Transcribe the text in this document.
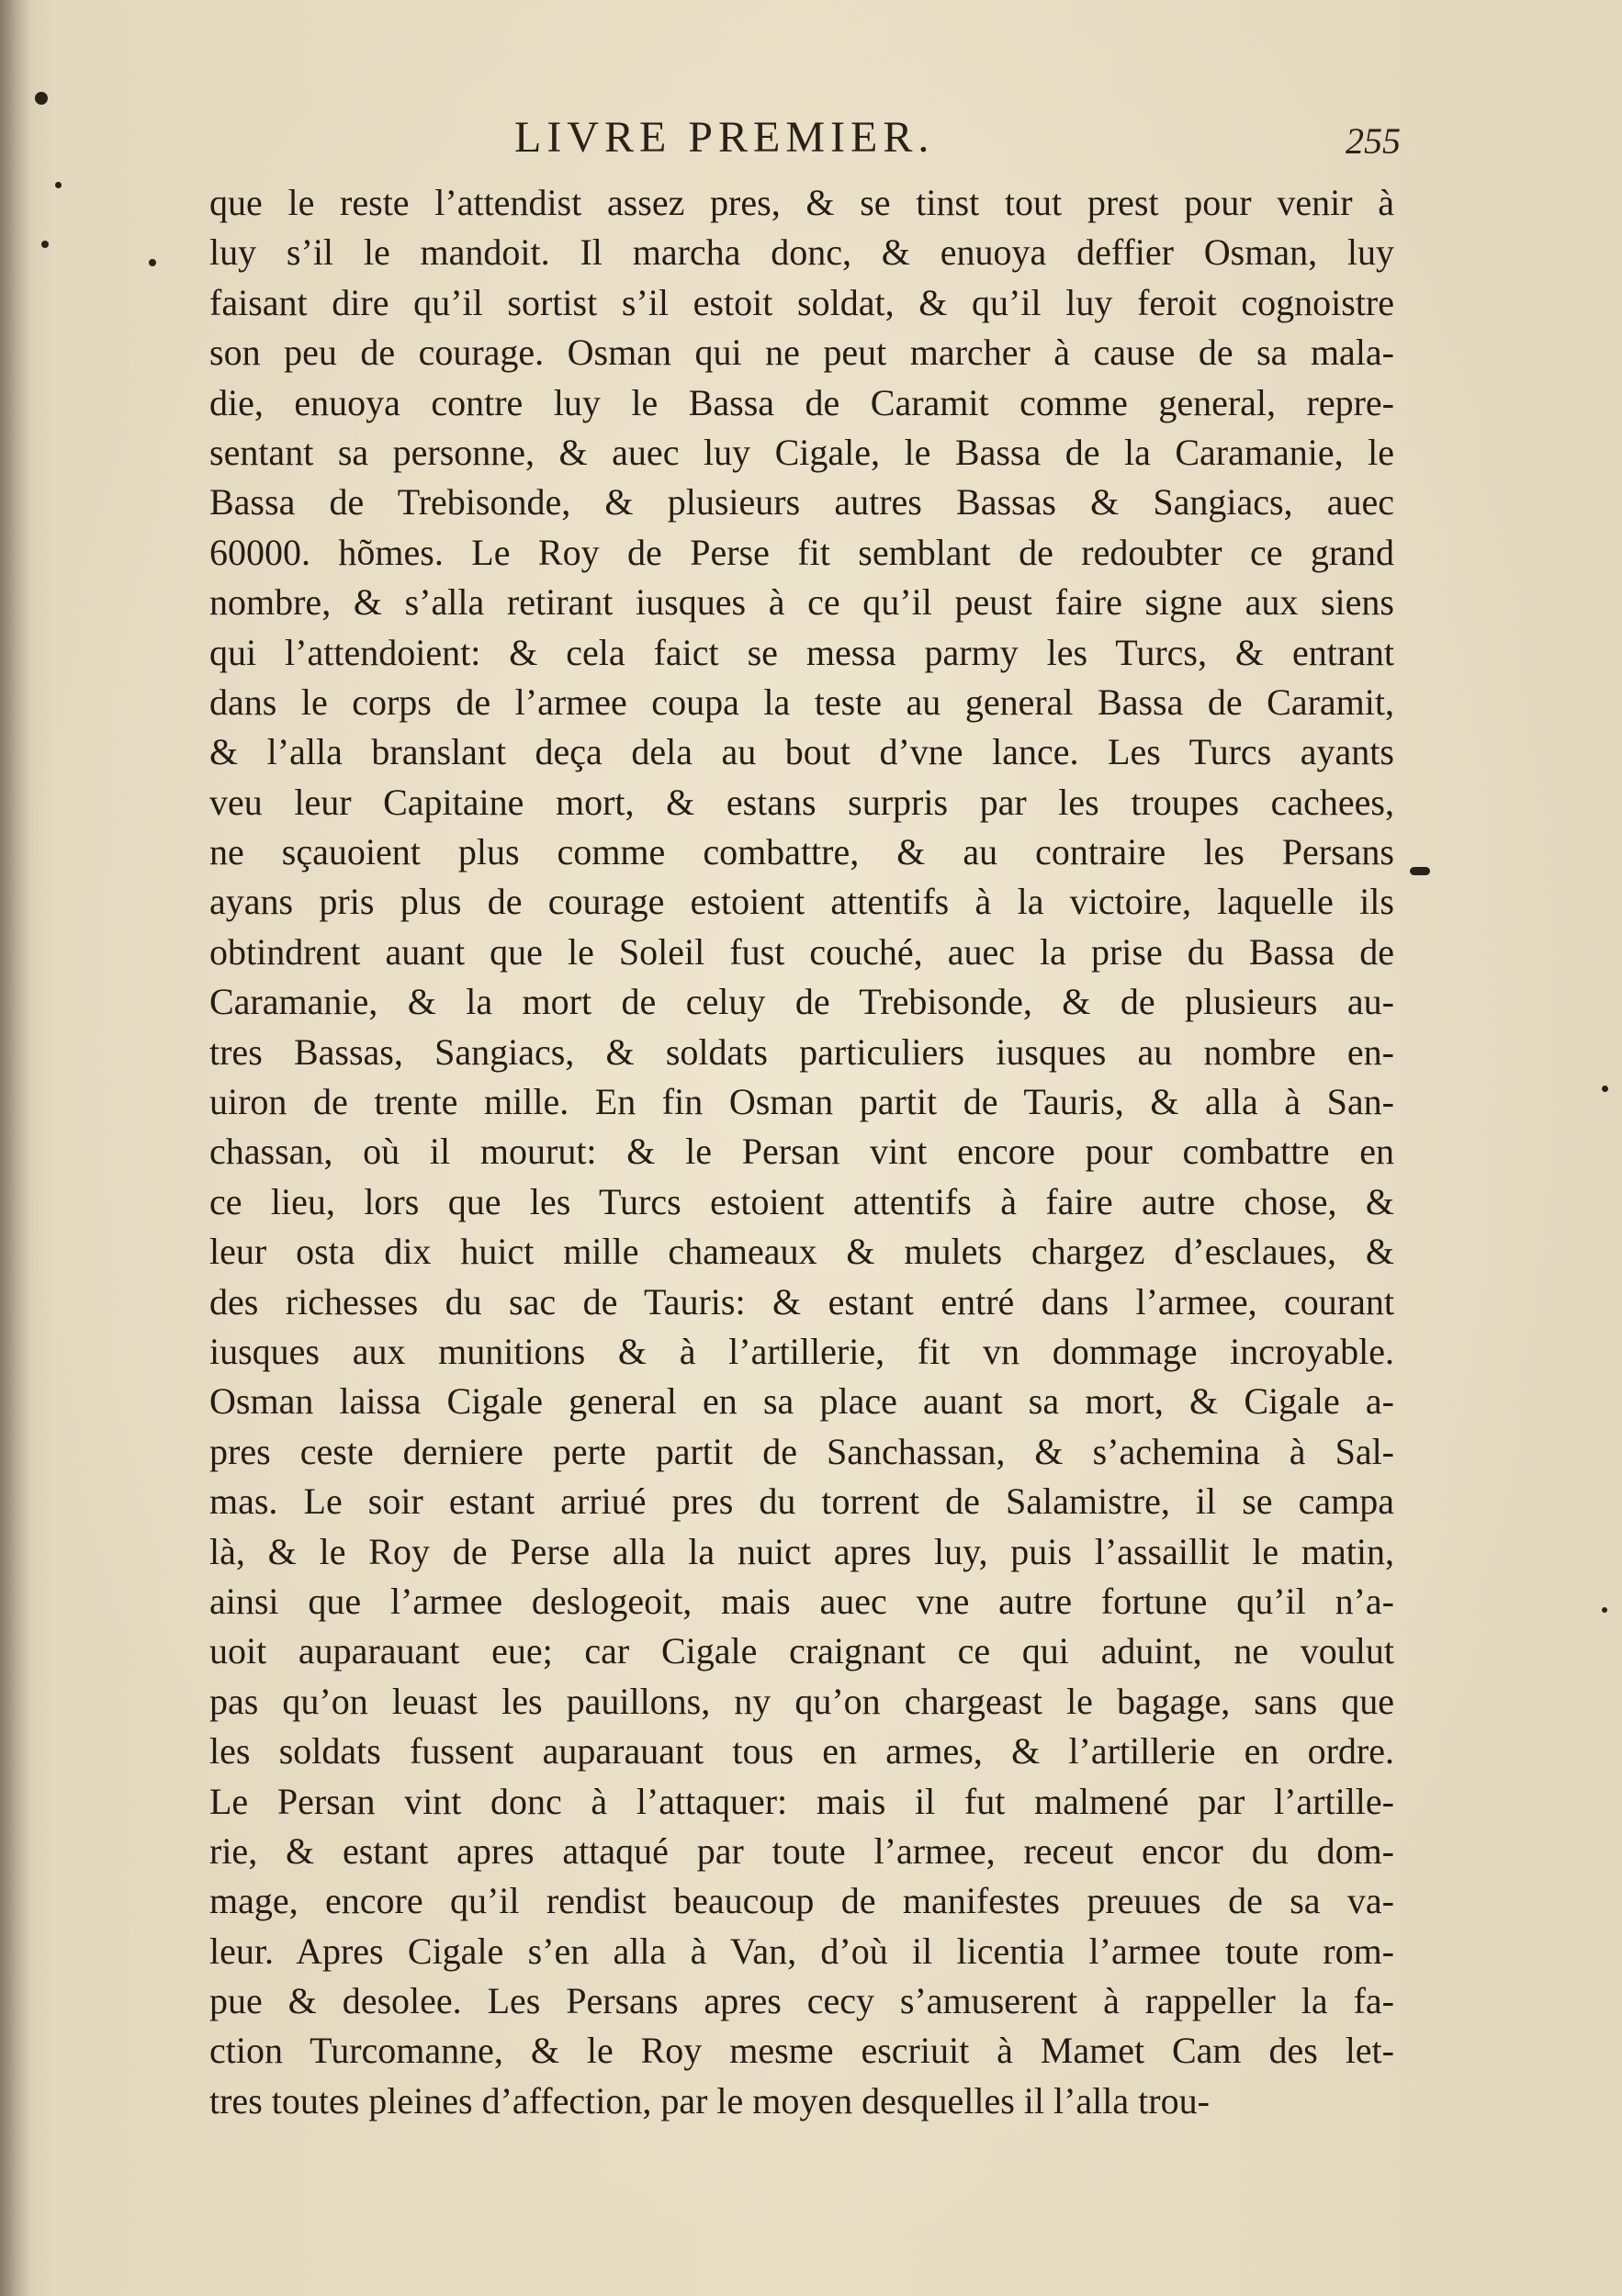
LIVRE PREMIER.	255
que le reste l’attendist assez pres, & se tinst tout prest pour venir à
luy s’il le mandoit. Il marcha donc, & enuoya deffier Osman, luy
faisant dire qu’il sortist s’il estoit soldat, & qu’il luy feroit cognoistre
son peu de courage. Osman qui ne peut marcher à cause de sa mala-
die, enuoya contre luy le Bassa de Caramit comme general, repre-
sentant sa personne, & auec luy Cigale, le Bassa de la Caramanie, le
Bassa de Trebisonde, & plusieurs autres Bassas & Sangiacs, auec
60000. hõmes. Le Roy de Perse fit semblant de redoubter ce grand
nombre, & s’alla retirant iusques à ce qu’il peust faire signe aux siens
qui l’attendoient: & cela faict se messa parmy les Turcs, & entrant
dans le corps de l’armee coupa la teste au general Bassa de Caramit,
& l’alla branslant deça dela au bout d’vne lance. Les Turcs ayants
veu leur Capitaine mort, & estans surpris par les troupes cachees,
ne sçauoient plus comme combattre, & au contraire les Persans
ayans pris plus de courage estoient attentifs à la victoire, laquelle ils
obtindrent auant que le Soleil fust couché, auec la prise du Bassa de
Caramanie, & la mort de celuy de Trebisonde, & de plusieurs au-
tres Bassas, Sangiacs, & soldats particuliers iusques au nombre en-
uiron de trente mille. En fin Osman partit de Tauris, & alla à San-
chassan, où il mourut: & le Persan vint encore pour combattre en
ce lieu, lors que les Turcs estoient attentifs à faire autre chose, &
leur osta dix huict mille chameaux & mulets chargez d’esclaues, &
des richesses du sac de Tauris: & estant entré dans l’armee, courant
iusques aux munitions & à l’artillerie, fit vn dommage incroyable.
Osman laissa Cigale general en sa place auant sa mort, & Cigale a-
pres ceste derniere perte partit de Sanchassan, & s’achemina à Sal-
mas. Le soir estant arriué pres du torrent de Salamistre, il se campa
là, & le Roy de Perse alla la nuict apres luy, puis l’assaillit le matin,
ainsi que l’armee deslogeoit, mais auec vne autre fortune qu’il n’a-
uoit auparauant eue; car Cigale craignant ce qui aduint, ne voulut
pas qu’on leuast les pauillons, ny qu’on chargeast le bagage, sans que
les soldats fussent auparauant tous en armes, & l’artillerie en ordre.
Le Persan vint donc à l’attaquer: mais il fut malmené par l’artille-
rie, & estant apres attaqué par toute l’armee, receut encor du dom-
mage, encore qu’il rendist beaucoup de manifestes preuues de sa va-
leur. Apres Cigale s’en alla à Van, d’où il licentia l’armee toute rom-
pue & desolee. Les Persans apres cecy s’amuserent à rappeller la fa-
ction Turcomanne, & le Roy mesme escriuit à Mamet Cam des let-
tres toutes pleines d’affection, par le moyen desquelles il l’alla trou-
